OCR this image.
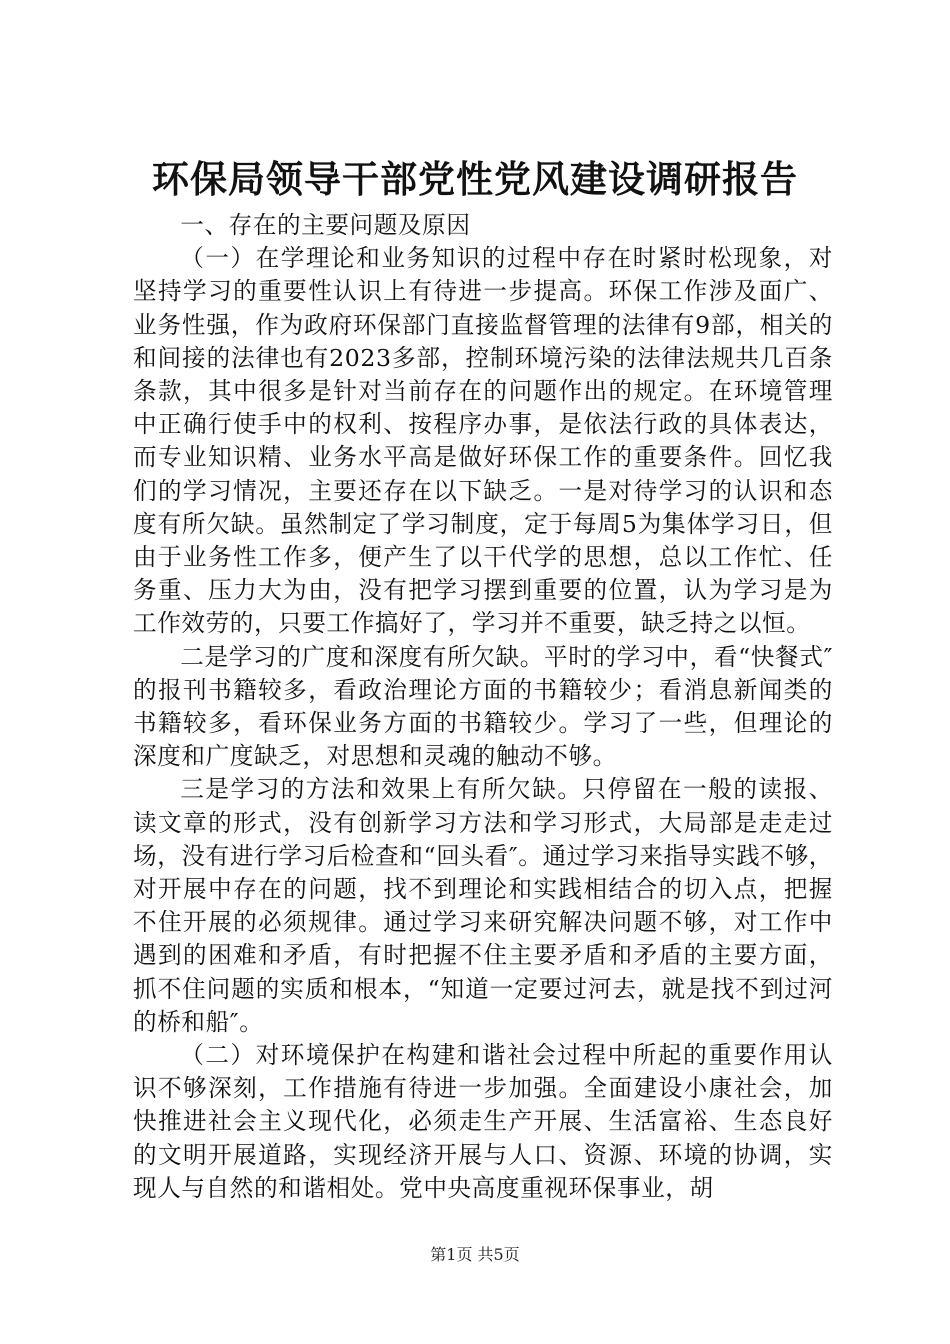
环保局领导干部党性党风建设调研报告

一、存在的主要问题及原因

（一）在学理论和业务知识的过程中存在时紧时松现象，对坚持学习的重要性认识上有待进一步提高。环保工作涉及面广、业务性强，作为政府环保部门直接监督管理的法律有9部，相关的和间接的法律也有2023多部，控制环境污染的法律法规共几百条条款，其中很多是针对当前存在的问题作出的规定。在环境管理中正确行使手中的权利、按程序办事，是依法行政的具体表达，而专业知识精、业务水平高是做好环保工作的重要条件。回忆我们的学习情况，主要还存在以下缺乏。一是对待学习的认识和态度有所欠缺。虽然制定了学习制度，定于每周5为集体学习日，但由于业务性工作多，便产生了以干代学的思想，总以工作忙、任务重、压力大为由，没有把学习摆到重要的位置，认为学习是为工作效劳的，只要工作搞好了，学习并不重要，缺乏持之以恒。

二是学习的广度和深度有所欠缺。平时的学习中，看“快餐式″的报刊书籍较多，看政治理论方面的书籍较少；看消息新闻类的书籍较多，看环保业务方面的书籍较少。学习了一些，但理论的深度和广度缺乏，对思想和灵魂的触动不够。

三是学习的方法和效果上有所欠缺。只停留在一般的读报、读文章的形式，没有创新学习方法和学习形式，大局部是走走过场，没有进行学习后检查和“回头看″。通过学习来指导实践不够，对开展中存在的问题，找不到理论和实践相结合的切入点，把握不住开展的必须规律。通过学习来研究解决问题不够，对工作中遇到的困难和矛盾，有时把握不住主要矛盾和矛盾的主要方面，抓不住问题的实质和根本，“知道一定要过河去，就是找不到过河的桥和船″。

（二）对环境保护在构建和谐社会过程中所起的重要作用认识不够深刻，工作措施有待进一步加强。全面建设小康社会，加快推进社会主义现代化，必须走生产开展、生活富裕、生态良好的文明开展道路，实现经济开展与人口、资源、环境的协调，实现人与自然的和谐相处。党中央高度重视环保事业，胡

第1页 共5页
